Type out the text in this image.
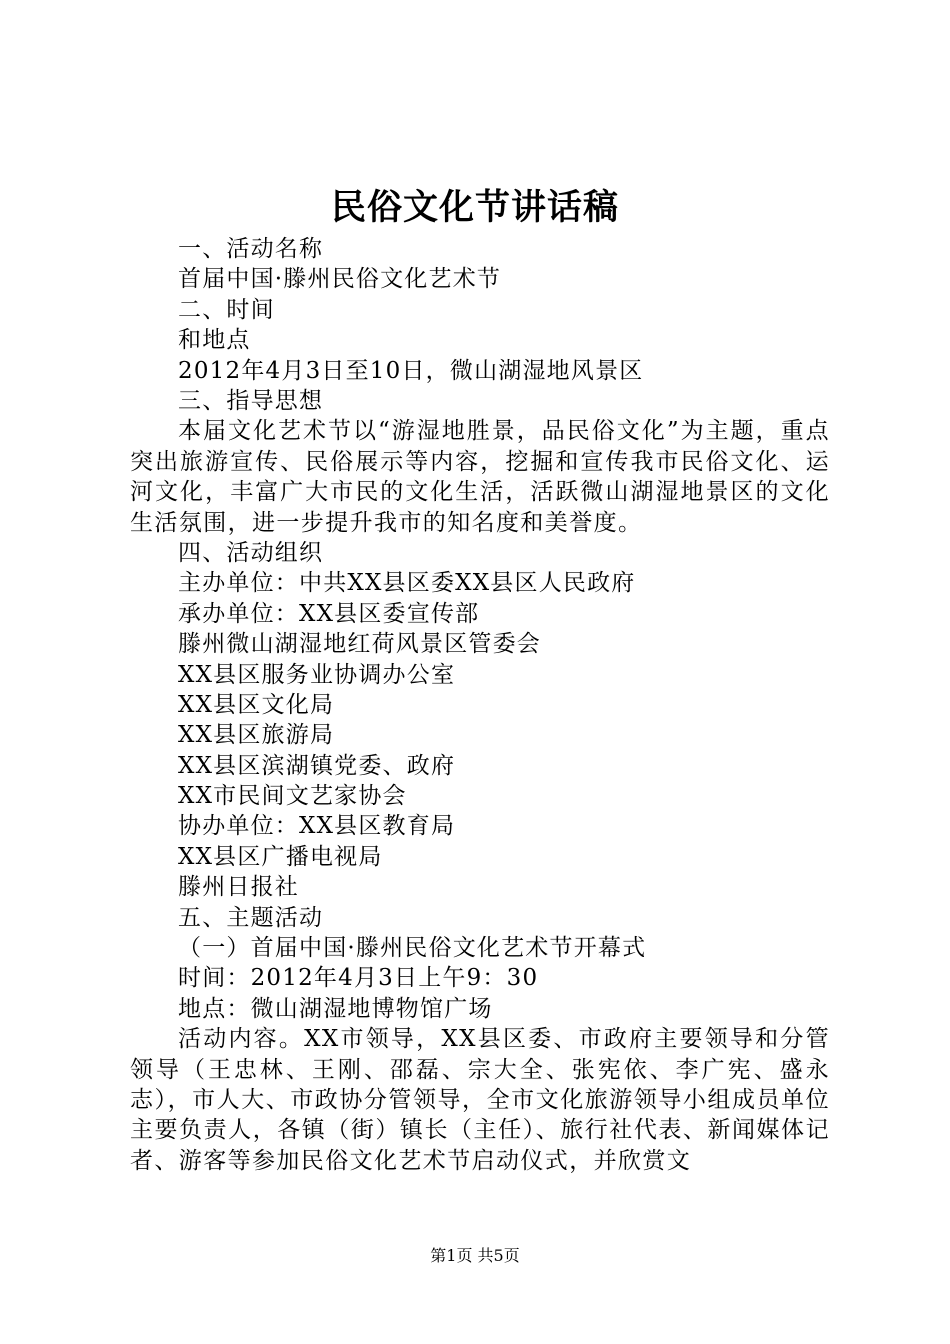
民俗文化节讲话稿
一、活动名称
首届中国·滕州民俗文化艺术节
二、时间
和地点
2012年4月3日至10日，微山湖湿地风景区
三、指导思想
本届文化艺术节以“游湿地胜景，品民俗文化”为主题，重点突出旅游宣传、民俗展示等内容，挖掘和宣传我市民俗文化、运河文化，丰富广大市民的文化生活，活跃微山湖湿地景区的文化生活氛围，进一步提升我市的知名度和美誉度。
四、活动组织
主办单位：中共XX县区委XX县区人民政府
承办单位：XX县区委宣传部
滕州微山湖湿地红荷风景区管委会
XX县区服务业协调办公室
XX县区文化局
XX县区旅游局
XX县区滨湖镇党委、政府
XX市民间文艺家协会
协办单位：XX县区教育局
XX县区广播电视局
滕州日报社
五、主题活动
（一）首届中国·滕州民俗文化艺术节开幕式
时间：2012年4月3日上午9：30
地点：微山湖湿地博物馆广场
活动内容。XX市领导，XX县区委、市政府主要领导和分管领导（王忠林、王刚、邵磊、宗大全、张宪依、李广宪、盛永志），市人大、市政协分管领导，全市文化旅游领导小组成员单位主要负责人，各镇（街）镇长（主任）、旅行社代表、新闻媒体记者、游客等参加民俗文化艺术节启动仪式，并欣赏文
第1页 共5页
